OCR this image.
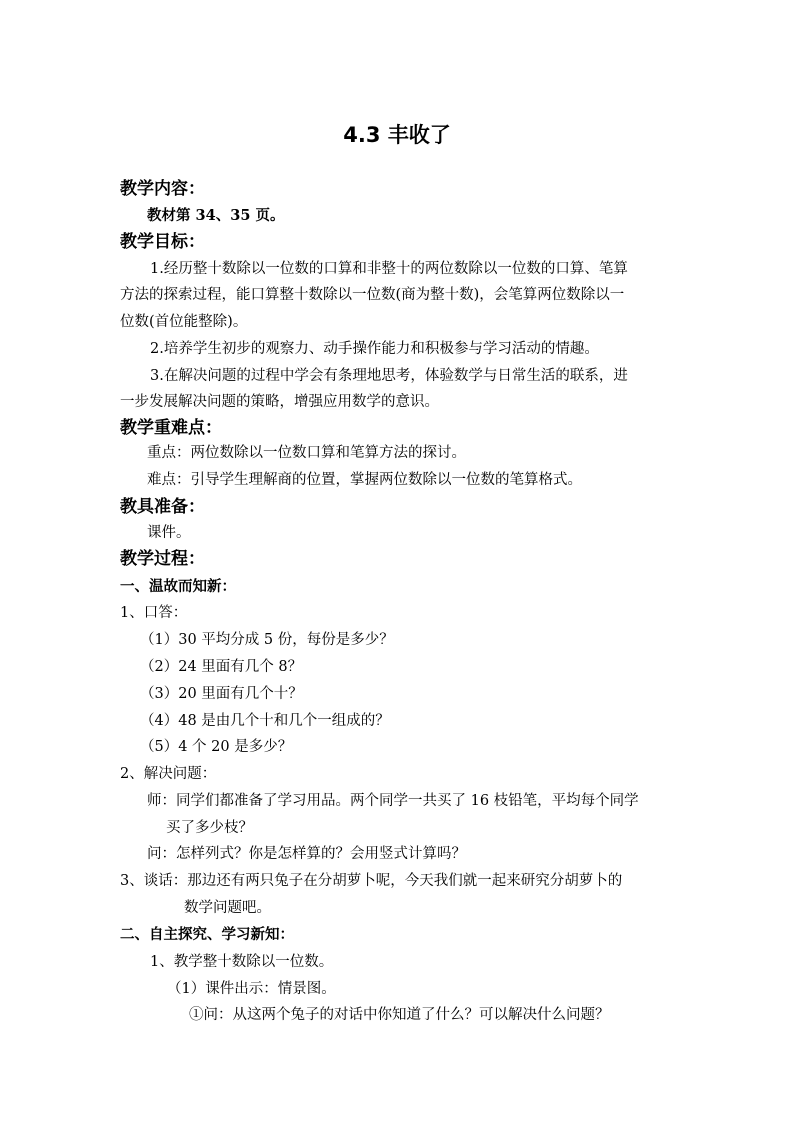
4.3 丰收了
教学内容：
教材第 34、35 页。
教学目标：
1.经历整十数除以一位数的口算和非整十的两位数除以一位数的口算、笔算
方法的探索过程，能口算整十数除以一位数(商为整十数)，会笔算两位数除以一
位数(首位能整除)。
2.培养学生初步的观察力、动手操作能力和积极参与学习活动的情趣。
3.在解决问题的过程中学会有条理地思考，体验数学与日常生活的联系，进
一步发展解决问题的策略，增强应用数学的意识。
教学重难点：
重点：两位数除以一位数口算和笔算方法的探讨。
难点：引导学生理解商的位置，掌握两位数除以一位数的笔算格式。
教具准备：
课件。
教学过程：
一、温故而知新：
1、口答：
（1）30 平均分成 5 份，每份是多少？
（2）24 里面有几个 8？
（3）20 里面有几个十？
（4）48 是由几个十和几个一组成的？
（5）4 个 20 是多少？
2、解决问题：
师：同学们都准备了学习用品。两个同学一共买了 16 枝铅笔，平均每个同学
买了多少枝？
问：怎样列式？你是怎样算的？会用竖式计算吗？
3、谈话：那边还有两只兔子在分胡萝卜呢，今天我们就一起来研究分胡萝卜的
数学问题吧。
二、自主探究、学习新知：
1、教学整十数除以一位数。
（1）课件出示：情景图。
①问：从这两个兔子的对话中你知道了什么？可以解决什么问题？
